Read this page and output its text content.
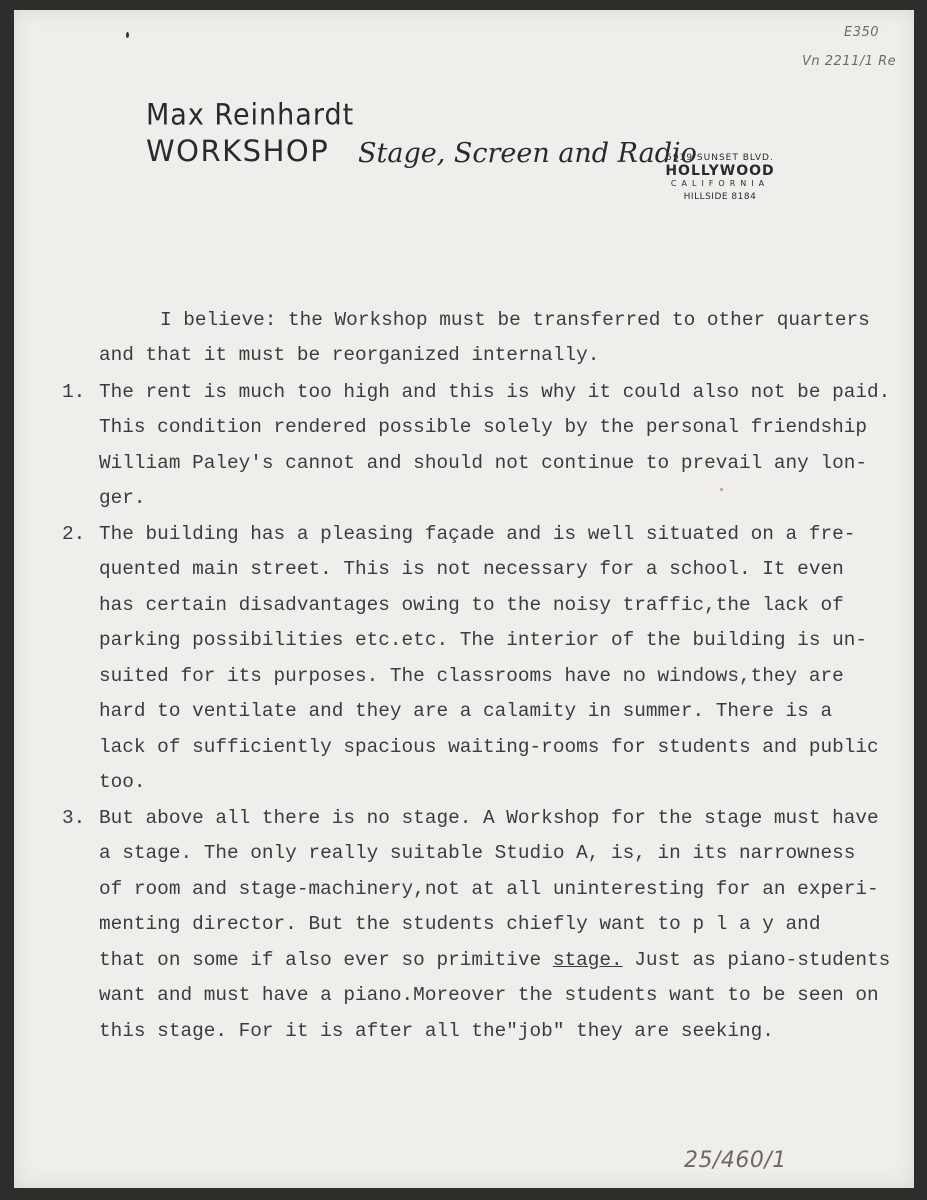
E350
Vn 2211/1 Re
25/460/1
Max Reinhardt
WORKSHOP Stage, Screen and Radio
5939 SUNSET BLVD.
HOLLYWOOD
CALIFORNIA
HILLSIDE 8184
I believe: the Workshop must be transferred to other quarters
and that it must be reorganized internally.
1. The rent is much too high and this is why it could also not be paid.
This condition rendered possible solely by the personal friendship
William Paley's cannot and should not continue to prevail any lon-
ger.
2. The building has a pleasing façade and is well situated on a fre-
quented main street. This is not necessary for a school. It even
has certain disadvantages owing to the noisy traffic,the lack of
parking possibilities etc.etc. The interior of the building is un-
suited for its purposes. The classrooms have no windows,they are
hard to ventilate and they are a calamity in summer. There is a
lack of sufficiently spacious waiting-rooms for students and public
too.
3. But above all there is no stage. A Workshop for the stage must have
a stage. The only really suitable Studio A, is, in its narrowness
of room and stage-machinery,not at all uninteresting for an experi-
menting director. But the students chiefly want to p l a y and
that on some if also ever so primitive stage. Just as piano-students
want and must have a piano.Moreover the students want to be seen on
this stage. For it is after all the"job" they are seeking.
